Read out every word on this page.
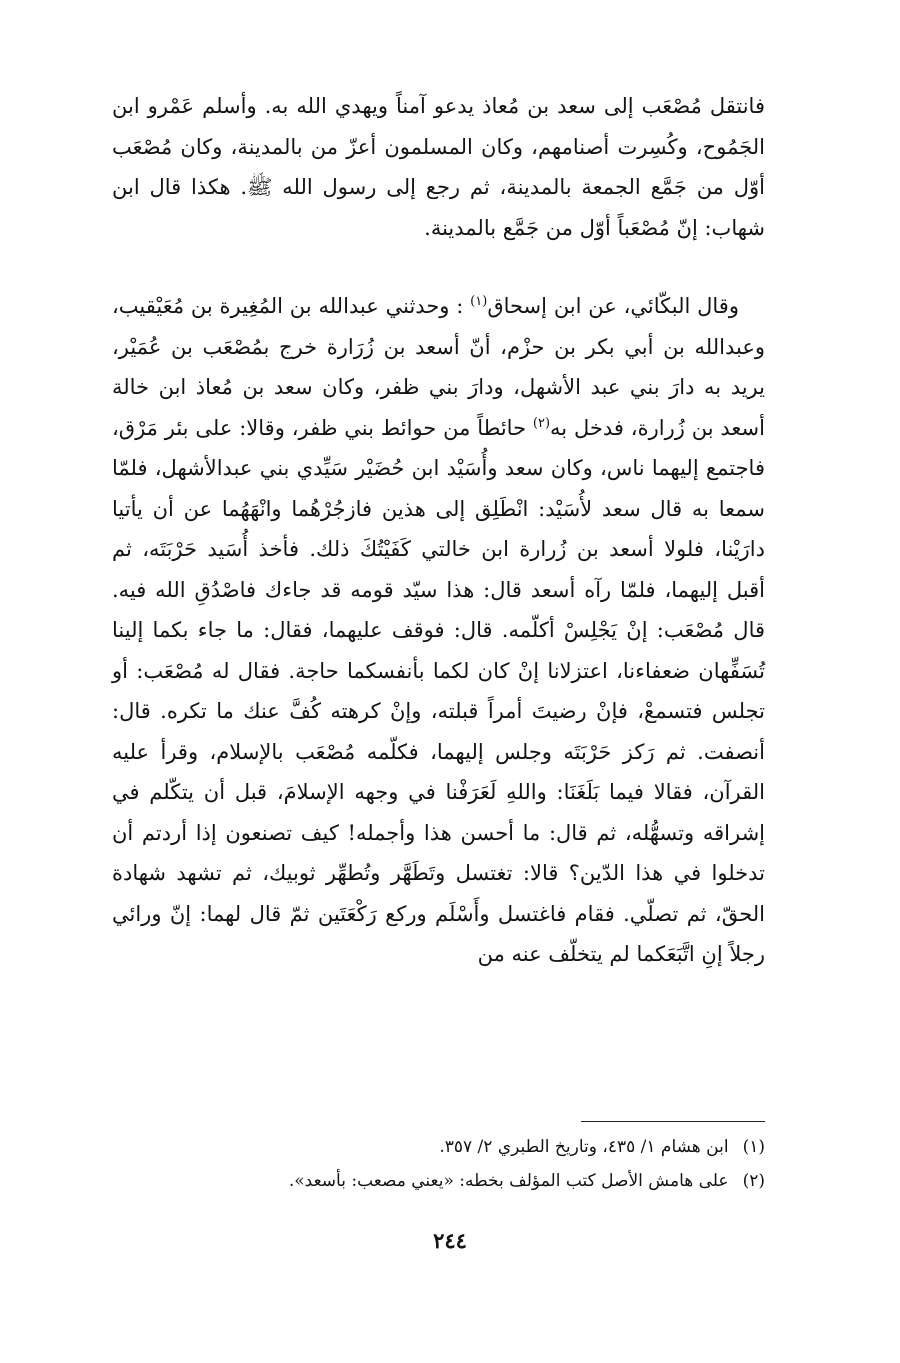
فانتقل مُصْعَب إلى سعد بن مُعاذ يدعو آمناً ويهدي الله به. وأسلم عَمْرو ابن الجَمُوح، وكُسِرت أصنامهم، وكان المسلمون أعزّ من بالمدينة، وكان مُصْعَب أوّل من جَمَّع الجمعة بالمدينة، ثم رجع إلى رسول الله ﷺ. هكذا قال ابن شهاب: إنّ مُصْعَباً أوّل من جَمَّع بالمدينة.

وقال البكّائي، عن ابن إسحاق$^{(١)}$ : وحدثني عبدالله بن المُغِيرة بن مُعَيْقيب، وعبدالله بن أبي بكر بن حزْم، أنّ أسعد بن زُرَارة خرج بمُصْعَب بن عُمَيْر، يريد به دارَ بني عبد الأشهل، ودارَ بني ظفر، وكان سعد بن مُعاذ ابن خالة أسعد بن زُرارة، فدخل به$^{(٢)}$ حائطاً من حوائط بني ظفر، وقالا: على بئر مَرْق، فاجتمع إليهما ناس، وكان سعد وأُسَيْد ابن حُضَيْر سَيِّدي بني عبدالأشهل، فلمّا سمعا به قال سعد لأُسَيْد: انْطَلِق إلى هذين فازجُرْهُما وانْهَهُما عن أن يأتيا دارَيْنا، فلولا أسعد بن زُرارة ابن خالتي كَفَيْتُكَ ذلك. فأخذ أُسَيد حَرْبَتَه، ثم أقبل إليهما، فلمّا رآه أسعد قال: هذا سيّد قومه قد جاءك فاصْدُقِ الله فيه. قال مُصْعَب: إنْ يَجْلِسْ أكلّمه. قال: فوقف عليهما، فقال: ما جاء بكما إلينا تُسَفِّهان ضعفاءنا، اعتزلانا إنْ كان لكما بأنفسكما حاجة. فقال له مُصْعَب: أو تجلس فتسمعْ، فإنْ رضيتَ أمراً قبلته، وإنْ كرهته كُفَّ عنك ما تكره. قال: أنصفت. ثم رَكز حَرْبَتَه وجلس إليهما، فكلّمه مُصْعَب بالإسلام، وقرأ عليه القرآن، فقالا فيما بَلَغَنَا: واللهِ لَعَرَفْنا في وجهه الإسلامَ، قبل أن يتكّلم في إشراقه وتسهُّله، ثم قال: ما أحسن هذا وأجمله! كيف تصنعون إذا أردتم أن تدخلوا في هذا الدّين؟ قالا: تغتسل وتَطَهَّر وتُطهِّر ثوبيك، ثم تشهد شهادة الحقّ، ثم تصلّي. فقام فاغتسل وأَسْلَم وركع رَكْعَتَين ثمّ قال لهما: إنّ ورائي رجلاً إنِ اتَّبَعَكما لم يتخلّف عنه من

(١)ابن هشام ١/ ٤٣٥، وتاريخ الطبري ٢/ ٣٥٧.
(٢)على هامش الأصل كتب المؤلف بخطه: «يعني مصعب: بأسعد».
٢٤٤
